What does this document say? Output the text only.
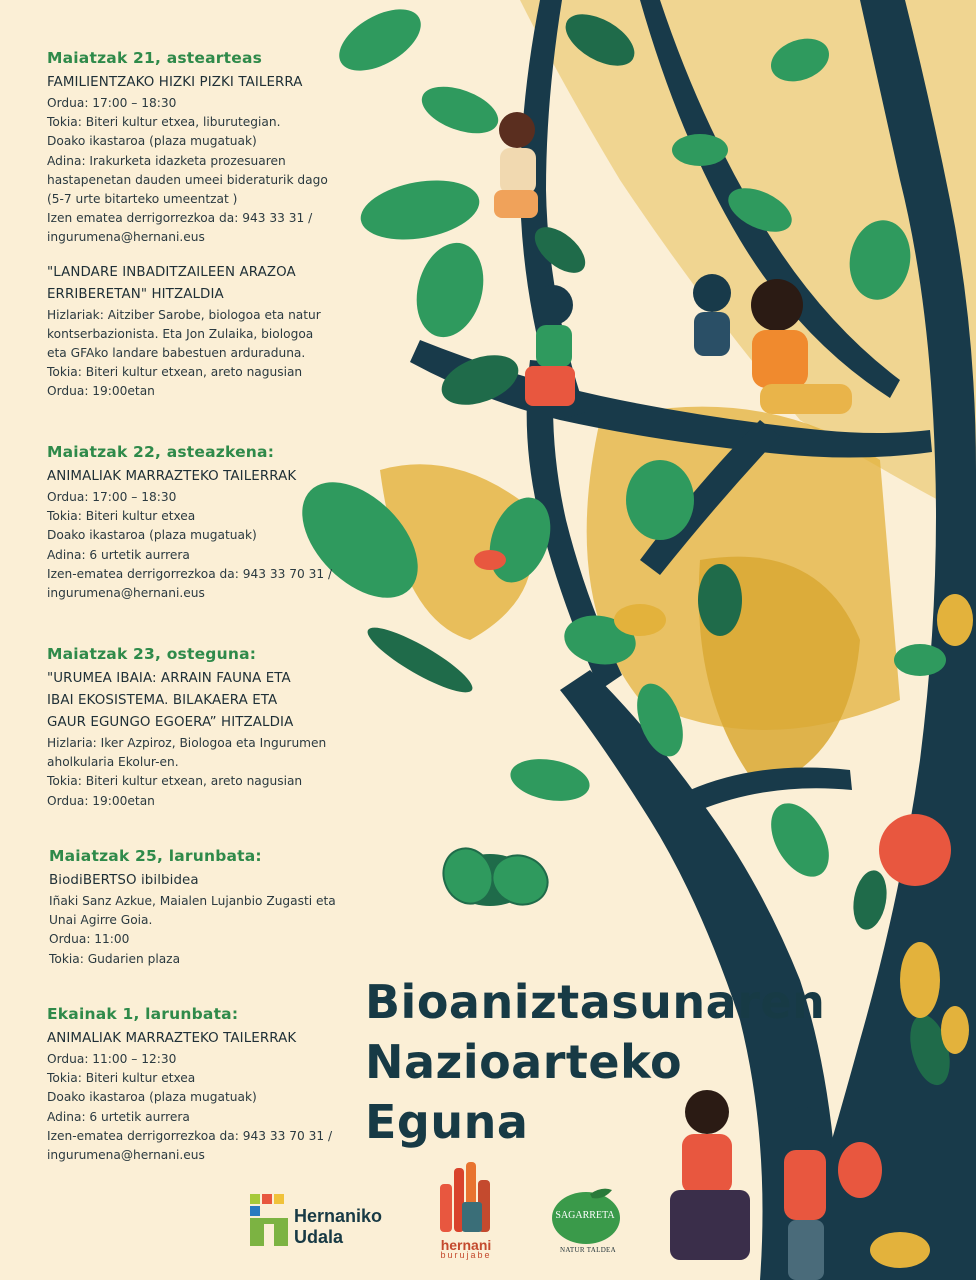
Maiatzak 21, astearteas
FAMILIENTZAKO HIZKI PIZKI TAILERRA
Ordua: 17:00 – 18:30
Tokia: Biteri kultur etxea, liburutegian.
Doako ikastaroa (plaza mugatuak)
Adina: Irakurketa idazketa prozesuaren
hastapenetan dauden umeei bideraturik dago
(5-7 urte bitarteko umeentzat )
Izen ematea derrigorrezkoa da: 943 33 31 /
ingurumena@hernani.eus
"LANDARE INBADITZAILEEN ARAZOA
ERRIBERETAN" HITZALDIA
Hizlariak: Aitziber Sarobe, biologoa eta natur
kontserbazionista. Eta Jon Zulaika, biologoa
eta GFAko landare babestuen arduraduna.
Tokia: Biteri kultur etxean, areto nagusian
Ordua: 19:00etan
Maiatzak 22, asteazkena:
ANIMALIAK MARRAZTEKO TAILERRAK
Ordua: 17:00 – 18:30
Tokia: Biteri kultur etxea
Doako ikastaroa (plaza mugatuak)
Adina: 6 urtetik aurrera
Izen-ematea derrigorrezkoa da: 943 33 70 31 /
ingurumena@hernani.eus
Maiatzak 23, osteguna:
"URUMEA IBAIA: ARRAIN FAUNA ETA
IBAI EKOSISTEMA. BILAKAERA ETA
GAUR EGUNGO EGOERA” HITZALDIA
Hizlaria: Iker Azpiroz, Biologoa eta Ingurumen
aholkularia Ekolur-en.
Tokia: Biteri kultur etxean, areto nagusian
Ordua: 19:00etan
Maiatzak 25, larunbata:
BiodiBERTSO ibilbidea
Iñaki Sanz Azkue, Maialen Lujanbio Zugasti eta
Unai Agirre Goia.
Ordua: 11:00
Tokia: Gudarien plaza
Ekainak 1, larunbata:
ANIMALIAK MARRAZTEKO TAILERRAK
Ordua: 11:00 – 12:30
Tokia: Biteri kultur etxea
Doako ikastaroa (plaza mugatuak)
Adina: 6 urtetik aurrera
Izen-ematea derrigorrezkoa da: 943 33 70 31 /
ingurumena@hernani.eus
Bioaniztasunaren
Nazioarteko
Eguna
Hernaniko
Udala	hernani
burujabe
SAGARRETA
NATUR TALDEA
